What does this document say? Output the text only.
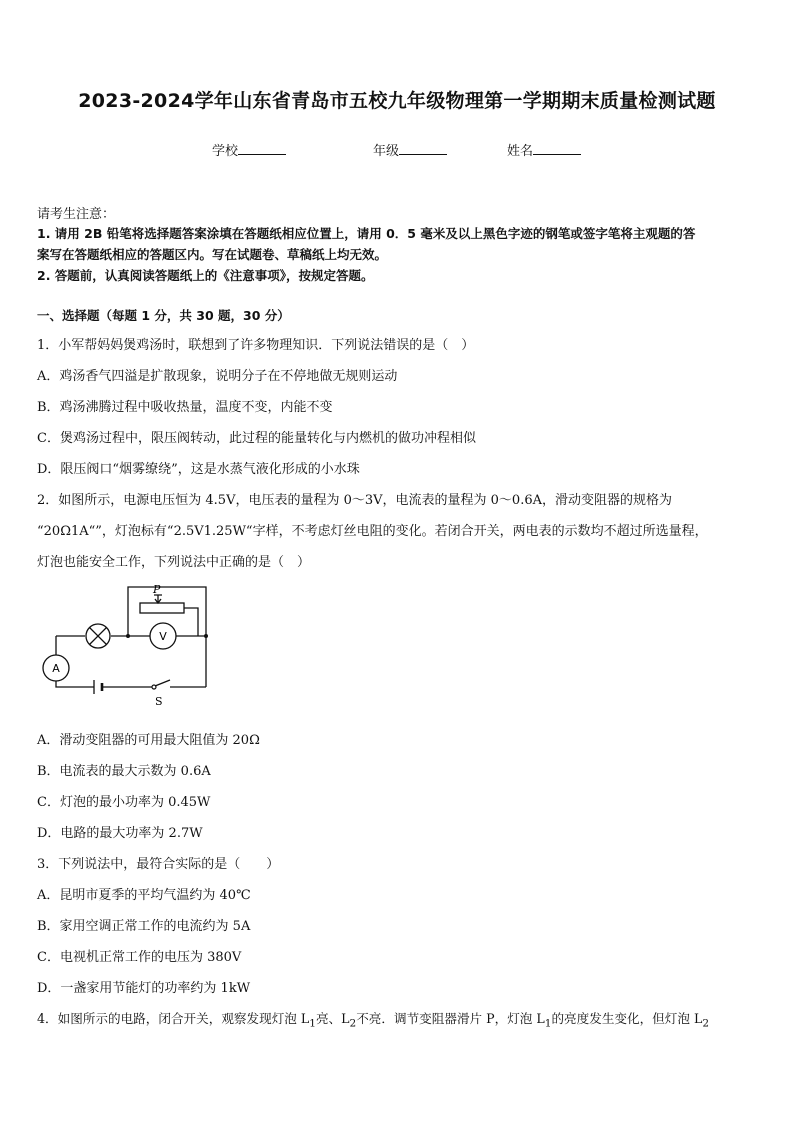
2023-2024学年山东省青岛市五校九年级物理第一学期期末质量检测试题
学校	年级	姓名
请考生注意：
1. 请用 2B 铅笔将选择题答案涂填在答题纸相应位置上，请用 0．5 毫米及以上黑色字迹的钢笔或签字笔将主观题的答
案写在答题纸相应的答题区内。写在试题卷、草稿纸上均无效。
2. 答题前，认真阅读答题纸上的《注意事项》，按规定答题。
一、选择题（每题 1 分，共 30 题，30 分）
1．小军帮妈妈煲鸡汤时，联想到了许多物理知识．下列说法错误的是（　）
A．鸡汤香气四溢是扩散现象，说明分子在不停地做无规则运动
B．鸡汤沸腾过程中吸收热量，温度不变，内能不变
C．煲鸡汤过程中，限压阀转动，此过程的能量转化与内燃机的做功冲程相似
D．限压阀口“烟雾缭绕”，这是水蒸气液化形成的小水珠
2．如图所示，电源电压恒为 4.5V，电压表的量程为 0～3V，电流表的量程为 0～0.6A，滑动变阻器的规格为
“20Ω1A“”，灯泡标有“2.5V1.25W“字样，不考虑灯丝电阻的变化。若闭合开关，两电表的示数均不超过所选量程，
灯泡也能安全工作，下列说法中正确的是（　）
P
V
A
S
A．滑动变阻器的可用最大阻值为 20Ω
B．电流表的最大示数为 0.6A
C．灯泡的最小功率为 0.45W
D．电路的最大功率为 2.7W
3．下列说法中，最符合实际的是（　　）
A．昆明市夏季的平均气温约为 40℃
B．家用空调正常工作的电流约为 5A
C．电视机正常工作的电压为 380V
D．一盏家用节能灯的功率约为 1kW
4．如图所示的电路，闭合开关，观察发现灯泡 $L_1$亮、$L_2$不亮．调节变阻器滑片 P，灯泡 $L_1$的亮度发生变化，但灯泡 $L_2$
